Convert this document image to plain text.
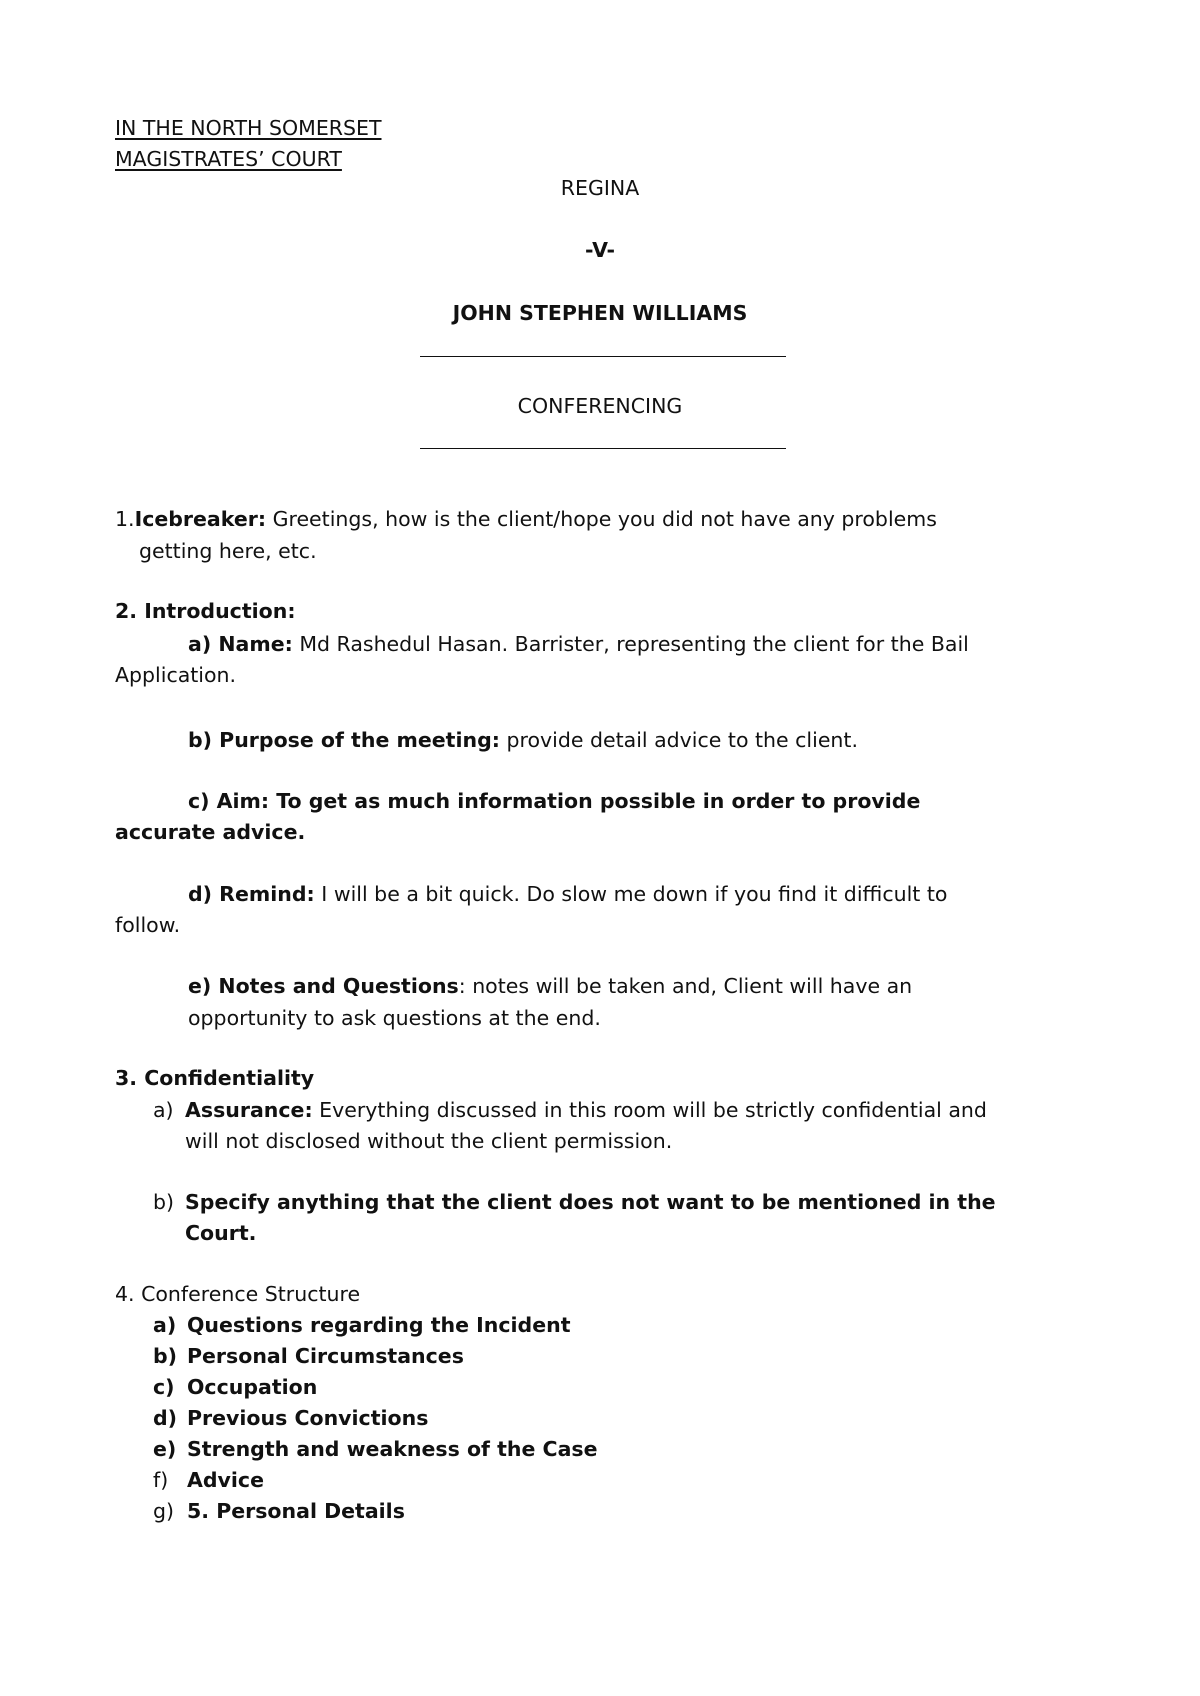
IN THE NORTH SOMERSET
MAGISTRATES’ COURT
REGINA
-V-
JOHN STEPHEN WILLIAMS
CONFERENCING
1.Icebreaker: Greetings, how is the client/hope you did not have any problems
getting here, etc.
2. Introduction:
a) Name: Md Rashedul Hasan. Barrister, representing the client for the Bail
Application.
b) Purpose of the meeting: provide detail advice to the client.
c) Aim: To get as much information possible in order to provide
accurate advice.
d) Remind: I will be a bit quick. Do slow me down if you find it difficult to
follow.
e) Notes and Questions: notes will be taken and, Client will have an
opportunity to ask questions at the end.
3. Confidentiality
a) Assurance: Everything discussed in this room will be strictly confidential and
will not disclosed without the client permission.
b) Specify anything that the client does not want to be mentioned in the
Court.
4. Conference Structure
a) Questions regarding the Incident
b) Personal Circumstances
c) Occupation
d) Previous Convictions
e) Strength and weakness of the Case
f) Advice
g) 5. Personal Details
